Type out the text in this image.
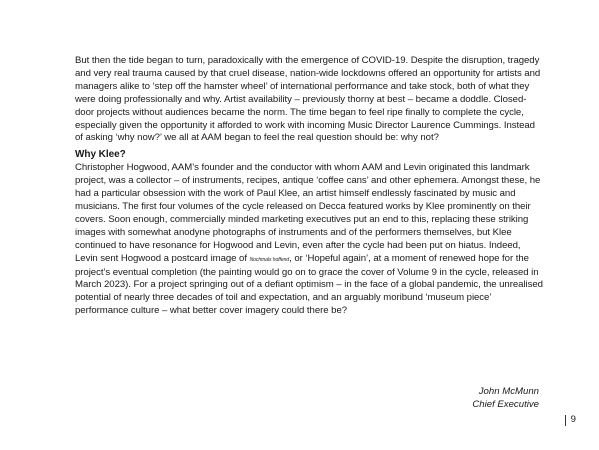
But then the tide began to turn, paradoxically with the emergence of COVID-19. Despite the disruption, tragedy and very real trauma caused by that cruel disease, nation-wide lockdowns offered an opportunity for artists and managers alike to ‘step off the hamster wheel’ of international performance and take stock, both of what they were doing professionally and why. Artist availability – previously thorny at best – became a doddle. Closed-door projects without audiences became the norm. The time began to feel ripe finally to complete the cycle, especially given the opportunity it afforded to work with incoming Music Director Laurence Cummings. Instead of asking ‘why now?’ we all at AAM began to feel the real question should be: why not?

Why Klee?

Christopher Hogwood, AAM’s founder and the conductor with whom AAM and Levin originated this landmark project, was a collector – of instruments, recipes, antique ‘coffee cans’ and other ephemera. Amongst these, he had a particular obsession with the work of Paul Klee, an artist himself endlessly fascinated by music and musicians. The first four volumes of the cycle released on Decca featured works by Klee prominently on their covers. Soon enough, commercially minded marketing executives put an end to this, replacing these striking images with somewhat anodyne photographs of instruments and of the performers themselves, but Klee continued to have resonance for Hogwood and Levin, even after the cycle had been put on hiatus. Indeed, Levin sent Hogwood a postcard image of Nochmals hoffend, or ‘Hopeful again’, at a moment of renewed hope for the project’s eventual completion (the painting would go on to grace the cover of Volume 9 in the cycle, released in March 2023). For a project springing out of a defiant optimism – in the face of a global pandemic, the unrealised potential of nearly three decades of toil and expectation, and an arguably moribund ‘museum piece’ performance culture – what better cover imagery could there be?

John McMunn
Chief Executive
9
